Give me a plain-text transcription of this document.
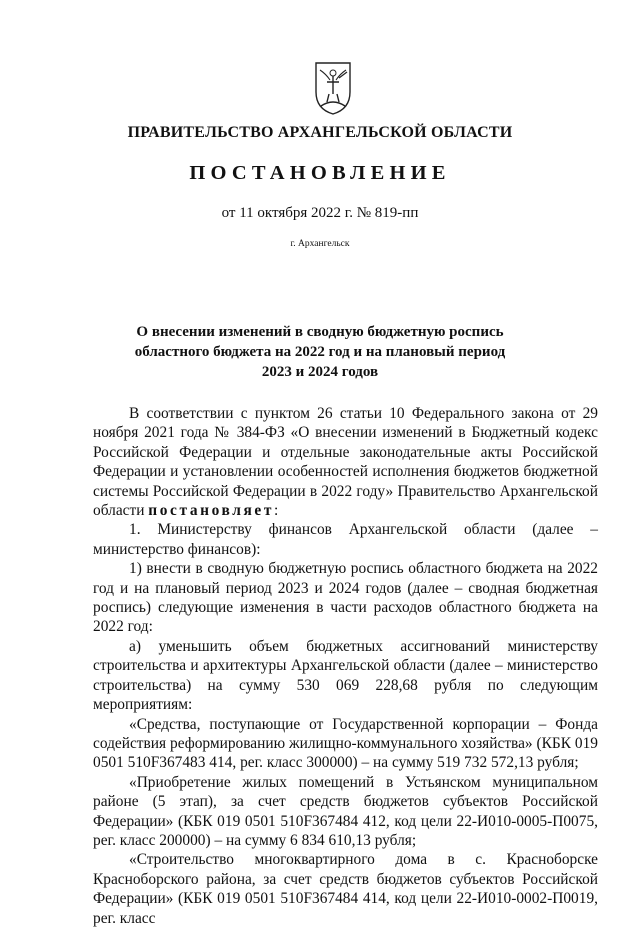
ПРАВИТЕЛЬСТВО АРХАНГЕЛЬСКОЙ ОБЛАСТИ
ПОСТАНОВЛЕНИЕ
от 11 октября 2022 г. № 819-пп
г. Архангельск
О внесении изменений в сводную бюджетную роспись
областного бюджета на 2022 год и на плановый период
2023 и 2024 годов

В соответствии с пунктом 26 статьи 10 Федерального закона от 29 ноября 2021 года № 384-ФЗ «О внесении изменений в Бюджетный кодекс Российской Федерации и отдельные законодательные акты Российской Федерации и установлении особенностей исполнения бюджетов бюджетной системы Российской Федерации в 2022 году» Правительство Архангельской области постановляет:

1. Министерству финансов Архангельской области (далее – министерство финансов):

1) внести в сводную бюджетную роспись областного бюджета на 2022 год и на плановый период 2023 и 2024 годов (далее – сводная бюджетная роспись) следующие изменения в части расходов областного бюджета на 2022 год:

а) уменьшить объем бюджетных ассигнований министерству строительства и архитектуры Архангельской области (далее – министерство строительства) на сумму 530 069 228,68 рубля по следующим мероприятиям:

«Средства, поступающие от Государственной корпорации – Фонда содействия реформированию жилищно-коммунального хозяйства» (КБК 019 0501 510F367483 414, рег. класс 300000) – на сумму 519 732 572,13 рубля;

«Приобретение жилых помещений в Устьянском муниципальном районе (5 этап), за счет средств бюджетов субъектов Российской Федерации» (КБК 019 0501 510F367484 412, код цели 22-И010-0005-П0075, рег. класс 200000) – на сумму 6 834 610,13 рубля;

«Строительство многоквартирного дома в с. Красноборске Красноборского района, за счет средств бюджетов субъектов Российской Федерации» (КБК 019 0501 510F367484 414, код цели 22-И010-0002-П0019, рег. класс
